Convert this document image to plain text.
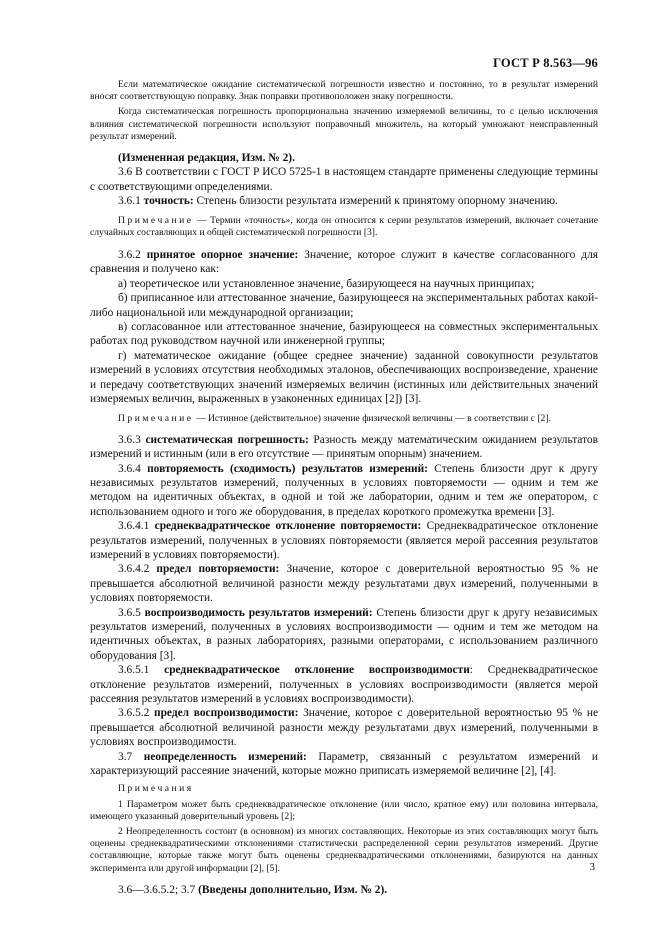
ГОСТ Р 8.563—96

Если математическое ожидание систематической погрешности известно и постоянно, то в результат измерений вносят соответствующую поправку. Знак поправки противоположен знаку погрешности.

Когда систематическая погрешность пропорциональна значению измеряемой величины, то с целью исключения влияния систематической погрешности используют поправочный множитель, на который умножают неисправленный результат измерений.

(Измененная редакция, Изм. № 2).

3.6 В соответствии с ГОСТ Р ИСО 5725-1 в настоящем стандарте применены следующие термины с соответствующими определениями.

3.6.1 точность: Степень близости результата измерений к принятому опорному значению.

Примечание — Термин «точность», когда он относится к серии результатов измерений, включает сочетание случайных составляющих и общей систематической погрешности [3].

3.6.2 принятое опорное значение: Значение, которое служит в качестве согласованного для сравнения и получено как:

а) теоретическое или установленное значение, базирующееся на научных принципах;

б) приписанное или аттестованное значение, базирующееся на экспериментальных работах какой-либо национальной или международной организации;

в) согласованное или аттестованное значение, базирующееся на совместных экспериментальных работах под руководством научной или инженерной группы;

г) математическое ожидание (общее среднее значение) заданной совокупности результатов измерений в условиях отсутствия необходимых эталонов, обеспечивающих воспроизведение, хранение и передачу соответствующих значений измеряемых величин (истинных или действительных значений измеряемых величин, выраженных в узаконенных единицах [2]) [3].

Примечание — Истинное (действительное) значение физической величины — в соответствии с [2].

3.6.3 систематическая погрешность: Разность между математическим ожиданием результатов измерений и истинным (или в его отсутствие — принятым опорным) значением.

3.6.4 повторяемость (сходимость) результатов измерений: Степень близости друг к другу независимых результатов измерений, полученных в условиях повторяемости — одним и тем же методом на идентичных объектах, в одной и той же лаборатории, одним и тем же оператором, с использованием одного и того же оборудования, в пределах короткого промежутка времени [3].

3.6.4.1 среднеквадратическое отклонение повторяемости: Среднеквадратическое отклонение результатов измерений, полученных в условиях повторяемости (является мерой рассеяния результатов измерений в условиях повторяемости).

3.6.4.2 предел повторяемости: Значение, которое с доверительной вероятностью 95 % не превышается абсолютной величиной разности между результатами двух измерений, полученными в условиях повторяемости.

3.6.5 воспроизводимость результатов измерений: Степень близости друг к другу независимых результатов измерений, полученных в условиях воспроизводимости — одним и тем же методом на идентичных объектах, в разных лабораториях, разными операторами, с использованием различного оборудования [3].

3.6.5.1 среднеквадратическое отклонение воспроизводимости: Среднеквадратическое отклонение результатов измерений, полученных в условиях воспроизводимости (является мерой рассеяния результатов измерений в условиях воспроизводимости).

3.6.5.2 предел воспроизводимости: Значение, которое с доверительной вероятностью 95 % не превышается абсолютной величиной разности между результатами двух измерений, полученными в условиях воспроизводимости.

3.7 неопределенность измерений: Параметр, связанный с результатом измерений и характеризующий рассеяние значений, которые можно приписать измеряемой величине [2], [4].

Примечания

1 Параметром может быть среднеквадратическое отклонение (или число, кратное ему) или половина интервала, имеющего указанный доверительный уровень [2];

2 Неопределенность состоит (в основном) из многих составляющих. Некоторые из этих составляющих могут быть оценены среднеквадратическими отклонениями статистически распределенной серии результатов измерений. Другие составляющие, которые также могут быть оценены среднеквадратическими отклонениями, базируются на данных эксперимента или другой информации [2], [5].

3.6—3.6.5.2; 3.7 (Введены дополнительно, Изм. № 2).

3
